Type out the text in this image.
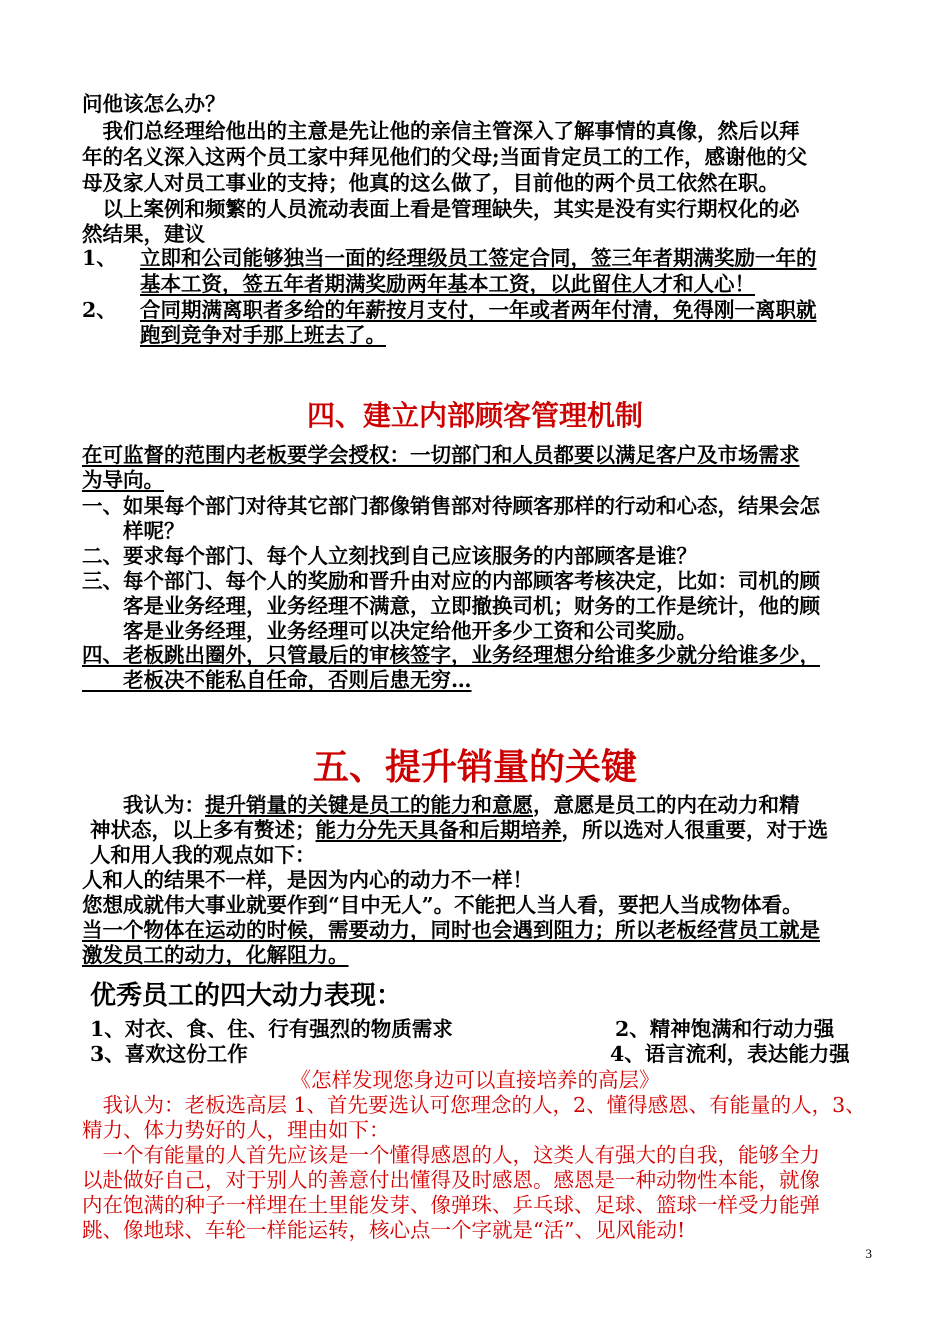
问他该怎么办？
　我们总经理给他出的主意是先让他的亲信主管深入了解事情的真像，然后以拜
年的名义深入这两个员工家中拜见他们的父母;当面肯定员工的工作，感谢他的父
母及家人对员工事业的支持；他真的这么做了，目前他的两个员工依然在职。
　以上案例和频繁的人员流动表面上看是管理缺失，其实是没有实行期权化的必
然结果，建议
1、 立即和公司能够独当一面的经理级员工签定合同，签三年者期满奖励一年的
基本工资，签五年者期满奖励两年基本工资，以此留住人才和人心！
2、 合同期满离职者多给的年薪按月支付，一年或者两年付清，免得刚一离职就
跑到竞争对手那上班去了。
四、建立内部顾客管理机制
在可监督的范围内老板要学会授权：一切部门和人员都要以满足客户及市场需求
为导向。
一、如果每个部门对待其它部门都像销售部对待顾客那样的行动和心态，结果会怎
　　样呢？
二、要求每个部门、每个人立刻找到自己应该服务的内部顾客是谁？
三、每个部门、每个人的奖励和晋升由对应的内部顾客考核决定，比如：司机的顾
　　客是业务经理，业务经理不满意，立即撤换司机；财务的工作是统计，他的顾
　　客是业务经理，业务经理可以决定给他开多少工资和公司奖励。
四、老板跳出圈外，只管最后的审核签字，业务经理想分给谁多少就分给谁多少，
　　老板决不能私自任命，否则后患无穷…
五、提升销量的关键
　　我认为：提升销量的关键是员工的能力和意愿，意愿是员工的内在动力和精
神状态，以上多有赘述；能力分先天具备和后期培养，所以选对人很重要，对于选
人和用人我的观点如下：
人和人的结果不一样，是因为内心的动力不一样！
您想成就伟大事业就要作到“目中无人”。不能把人当人看，要把人当成物体看。
当一个物体在运动的时候，需要动力，同时也会遇到阻力；所以老板经营员工就是
激发员工的动力，化解阻力。
优秀员工的四大动力表现：
1、对衣、食、住、行有强烈的物质需求	2、精神饱满和行动力强
3、喜欢这份工作	4、语言流利，表达能力强
《怎样发现您身边可以直接培养的高层》
　我认为：老板选高层 1、首先要选认可您理念的人，2、懂得感恩、有能量的人，3、
精力、体力势好的人，理由如下：
　一个有能量的人首先应该是一个懂得感恩的人，这类人有强大的自我，能够全力
以赴做好自己，对于别人的善意付出懂得及时感恩。感恩是一种动物性本能，就像
内在饱满的种子一样埋在土里能发芽、像弹珠、乒乓球、足球、篮球一样受力能弹
跳、像地球、车轮一样能运转，核心点一个字就是“活”、见风能动!
3
